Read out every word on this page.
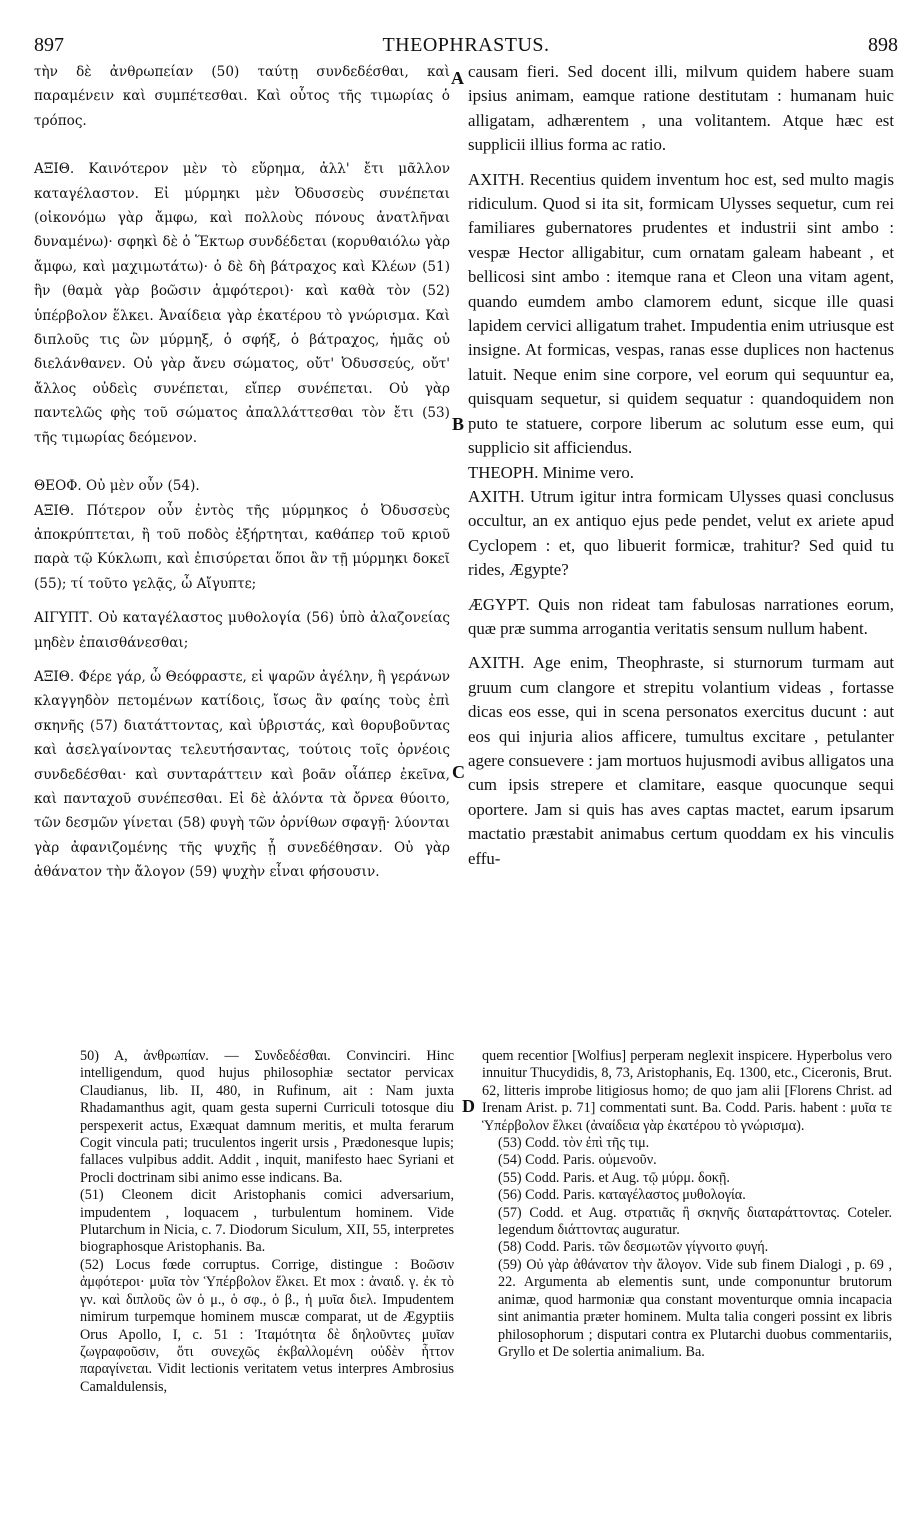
897	THEOPHRASTUS.	898

τὴν δὲ ἀνθρωπείαν (50) ταύτῃ συνδεδέσθαι, καὶ παραμένειν καὶ συμπέτεσθαι. Καὶ οὗτος τῆς τιμωρίας ὁ τρόπος.

ΑΞΙΘ. Καινότερον μὲν τὸ εὕρημα, ἀλλ' ἔτι μᾶλλον καταγέλαστον. Εἰ μύρμηκι μὲν Ὀδυσσεὺς συνέπεται (οἰκονόμω γὰρ ἄμφω, καὶ πολλοὺς πόνους ἀνατλῆναι δυναμένω)· σφηκὶ δὲ ὁ Ἕκτωρ συνδέδεται (κορυθαιόλω γὰρ ἄμφω, καὶ μαχιμωτάτω)· ὁ δὲ δὴ βάτραχος καὶ Κλέων (51) ἣν (θαμὰ γὰρ βοῶσιν ἀμφότεροι)· καὶ καθὰ τὸν (52) ὑπέρβολον ἕλκει. Ἀναίδεια γὰρ ἑκατέρου τὸ γνώρισμα. Καὶ διπλοῦς τις ὢν μύρμηξ, ὁ σφήξ, ὁ βάτραχος, ἡμᾶς οὐ διελάνθανεν. Οὐ γὰρ ἄνευ σώματος, οὔτ' Ὀδυσσεύς, οὔτ' ἄλλος οὐδεὶς συνέπεται, εἴπερ συνέπεται. Οὐ γὰρ παντελῶς φὴς τοῦ σώματος ἀπαλλάττεσθαι τὸν ἔτι (53) τῆς τιμωρίας δεόμενον.

ΘΕΟΦ. Οὐ μὲν οὖν (54).

ΑΞΙΘ. Πότερον οὖν ἐντὸς τῆς μύρμηκος ὁ Ὀδυσσεὺς ἀποκρύπτεται, ἢ τοῦ ποδὸς ἐξήρτηται, καθάπερ τοῦ κριοῦ παρὰ τῷ Κύκλωπι, καὶ ἐπισύρεται ὅποι ἂν τῇ μύρμηκι δοκεῖ (55); τί τοῦτο γελᾷς, ὦ Αἴγυπτε;

ΑΙΓΥΠΤ. Οὐ καταγέλαστος μυθολογία (56) ὑπὸ ἀλαζονείας μηδὲν ἐπαισθάνεσθαι;

ΑΞΙΘ. Φέρε γάρ, ὦ Θεόφραστε, εἰ ψαρῶν ἀγέλην, ἢ γεράνων κλαγγηδὸν πετομένων κατίδοις, ἴσως ἂν φαίης τοὺς ἐπὶ σκηνῆς (57) διατάττοντας, καὶ ὑβριστάς, καὶ θορυβοῦντας καὶ ἀσελγαίνοντας τελευτήσαντας, τούτοις τοῖς ὀρνέοις συνδεδέσθαι· καὶ συνταράττειν καὶ βοᾶν οἷάπερ ἐκεῖνα, καὶ πανταχοῦ συνέπεσθαι. Εἰ δὲ ἁλόντα τὰ ὄρνεα θύοιτο, τῶν δεσμῶν γίνεται (58) φυγὴ τῶν ὀρνίθων σφαγῇ· λύονται γὰρ ἀφανιζομένης τῆς ψυχῆς ᾗ συνεδέθησαν. Οὐ γὰρ ἀθάνατον τὴν ἄλογον (59) ψυχὴν εἶναι φήσουσιν.

A
B
C
D

causam fieri. Sed docent illi, milvum quidem habere suam ipsius animam, eamque ratione destitutam : humanam huic alligatam, adhærentem , una volitantem. Atque hæc est supplicii illius forma ac ratio.

AXITH. Recentius quidem inventum hoc est, sed multo magis ridiculum. Quod si ita sit, formicam Ulysses sequetur, cum rei familiares gubernatores prudentes et industrii sint ambo : vespæ Hector alligabitur, cum ornatam galeam habeant , et bellicosi sint ambo : itemque rana et Cleon una vitam agent, quando eumdem ambo clamorem edunt, sicque ille quasi lapidem cervici alligatum trahet. Impudentia enim utriusque est insigne. At formicas, vespas, ranas esse duplices non hactenus latuit. Neque enim sine corpore, vel eorum qui sequuntur ea, quisquam sequetur, si quidem sequatur : quandoquidem non puto te statuere, corpore liberum ac solutum esse eum, qui supplicio sit afficiendus.

THEOPH. Minime vero.

AXITH. Utrum igitur intra formicam Ulysses quasi conclusus occultur, an ex antiquo ejus pede pendet, velut ex ariete apud Cyclopem : et, quo libuerit formicæ, trahitur? Sed quid tu rides, Ægypte?

ÆGYPT. Quis non rideat tam fabulosas narrationes eorum, quæ præ summa arrogantia veritatis sensum nullum habent.

AXITH. Age enim, Theophraste, si sturnorum turmam aut gruum cum clangore et strepitu volantium videas , fortasse dicas eos esse, qui in scena personatos exercitus ducunt : aut eos qui injuria alios afficere, tumultus excitare , petulanter agere consuevere : jam mortuos hujusmodi avibus alligatos una cum ipsis strepere et clamitare, easque quocunque sequi oportere. Jam si quis has aves captas mactet, earum ipsarum mactatio præstabit animabus certum quoddam ex his vinculis effu-

50) A, ἀνθρωπίαν. — Συνδεδέσθαι. Convinciri. Hinc intelligendum, quod hujus philosophiæ sectator pervicax Claudianus, lib. II, 480, in Rufinum, ait : Nam juxta Rhadamanthus agit, quam gesta superni Curriculi totosque diu perspexerit actus, Exæquat damnum meritis, et multa ferarum Cogit vincula pati; truculentos ingerit ursis , Prædonesque lupis; fallaces vulpibus addit. Addit , inquit, manifesto haec Syriani et Procli doctrinam sibi animo esse indicans. Ba.

(51) Cleonem dicit Aristophanis comici adversarium, impudentem , loquacem , turbulentum hominem. Vide Plutarchum in Nicia, c. 7. Diodorum Siculum, XII, 55, interpretes biographosque Aristophanis. Ba.

(52) Locus fœde corruptus. Corrige, distingue : Βοῶσιν ἀμφότεροι· μυῖα τὸν Ὑπέρβολον ἕλκει. Et mox : ἀναιδ. γ. ἐκ τὸ γν. καὶ διπλοῦς ὢν ὁ μ., ὁ σφ., ὁ β., ἡ μυῖα διελ. Impudentem nimirum turpemque hominem muscæ comparat, ut de Ægyptiis Orus Apollo, I, c. 51 : Ἰταμότητα δὲ δηλοῦντες μυῖαν ζωγραφοῦσιν, ὅτι συνεχῶς ἐκβαλλομένη οὐδὲν ἧττον παραγίνεται. Vidit lectionis veritatem vetus interpres Ambrosius Camaldulensis,

quem recentior [Wolfius] perperam neglexit inspicere. Hyperbolus vero innuitur Thucydidis, 8, 73, Aristophanis, Eq. 1300, etc., Ciceronis, Brut. 62, litteris improbe litigiosus homo; de quo jam alii [Florens Christ. ad Irenam Arist. p. 71] commentati sunt. Ba. Codd. Paris. habent : μυῖα τε Ὑπέρβολον ἕλκει (ἀναίδεια γὰρ ἑκατέρου τὸ γνώρισμα).

(53) Codd. τὸν ἐπὶ τῆς τιμ.

(54) Codd. Paris. οὐμενοῦν.

(55) Codd. Paris. et Aug. τῷ μύρμ. δοκῇ.

(56) Codd. Paris. καταγέλαστος μυθολογία.

(57) Codd. et Aug. στρατιᾶς ἢ σκηνῆς διαταράττοντας. Coteler. legendum διάττοντας auguratur.

(58) Codd. Paris. τῶν δεσμωτῶν γίγνοιτο φυγή.

(59) Οὐ γὰρ ἀθάνατον τὴν ἄλογον. Vide sub finem Dialogi , p. 69 , 22. Argumenta ab elementis sunt, unde componuntur brutorum animæ, quod harmoniæ qua constant moventurque omnia incapacia sint animantia præter hominem. Multa talia congeri possint ex libris philosophorum ; disputari contra ex Plutarchi duobus commentariis, Gryllo et De solertia animalium. Ba.
